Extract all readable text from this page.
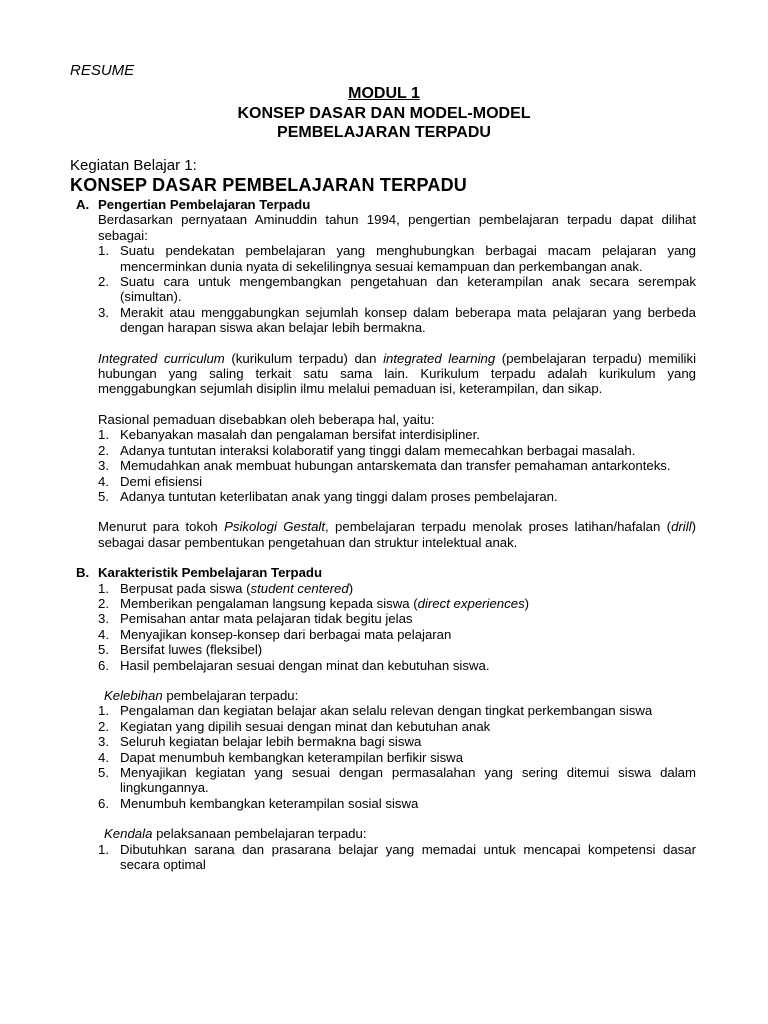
RESUME
MODUL 1
KONSEP DASAR DAN MODEL-MODEL
PEMBELAJARAN TERPADU
Kegiatan Belajar 1:
KONSEP DASAR PEMBELAJARAN TERPADU
A. Pengertian Pembelajaran Terpadu

Berdasarkan pernyataan Aminuddin tahun 1994, pengertian pembelajaran terpadu dapat dilihat sebagai:

1. Suatu pendekatan pembelajaran yang menghubungkan berbagai macam pelajaran yang mencerminkan dunia nyata di sekelilingnya sesuai kemampuan dan perkembangan anak.
2. Suatu cara untuk mengembangkan pengetahuan dan keterampilan anak secara serempak (simultan).
3. Merakit atau menggabungkan sejumlah konsep dalam beberapa mata pelajaran yang berbeda dengan harapan siswa akan belajar lebih bermakna.

Integrated curriculum (kurikulum terpadu) dan integrated learning (pembelajaran terpadu) memiliki hubungan yang saling terkait satu sama lain. Kurikulum terpadu adalah kurikulum yang menggabungkan sejumlah disiplin ilmu melalui pemaduan isi, keterampilan, dan sikap.

Rasional pemaduan disebabkan oleh beberapa hal, yaitu:

1. Kebanyakan masalah dan pengalaman bersifat interdisipliner.
2. Adanya tuntutan interaksi kolaboratif yang tinggi dalam memecahkan berbagai masalah.
3. Memudahkan anak membuat hubungan antarskemata dan transfer pemahaman antarkonteks.
4. Demi efisiensi
5. Adanya tuntutan keterlibatan anak yang tinggi dalam proses pembelajaran.

Menurut para tokoh Psikologi Gestalt, pembelajaran terpadu menolak proses latihan/hafalan (drill) sebagai dasar pembentukan pengetahuan dan struktur intelektual anak.

B. Karakteristik Pembelajaran Terpadu
1. Berpusat pada siswa (student centered)
2. Memberikan pengalaman langsung kepada siswa (direct experiences)
3. Pemisahan antar mata pelajaran tidak begitu jelas
4. Menyajikan konsep-konsep dari berbagai mata pelajaran
5. Bersifat luwes (fleksibel)
6. Hasil pembelajaran sesuai dengan minat dan kebutuhan siswa.

Kelebihan pembelajaran terpadu:

1. Pengalaman dan kegiatan belajar akan selalu relevan dengan tingkat perkembangan siswa
2. Kegiatan yang dipilih sesuai dengan minat dan kebutuhan anak
3. Seluruh kegiatan belajar lebih bermakna bagi siswa
4. Dapat menumbuh kembangkan keterampilan berfikir siswa
5. Menyajikan kegiatan yang sesuai dengan permasalahan yang sering ditemui siswa dalam lingkungannya.
6. Menumbuh kembangkan keterampilan sosial siswa

Kendala pelaksanaan pembelajaran terpadu:

1. Dibutuhkan sarana dan prasarana belajar yang memadai untuk mencapai kompetensi dasar secara optimal
